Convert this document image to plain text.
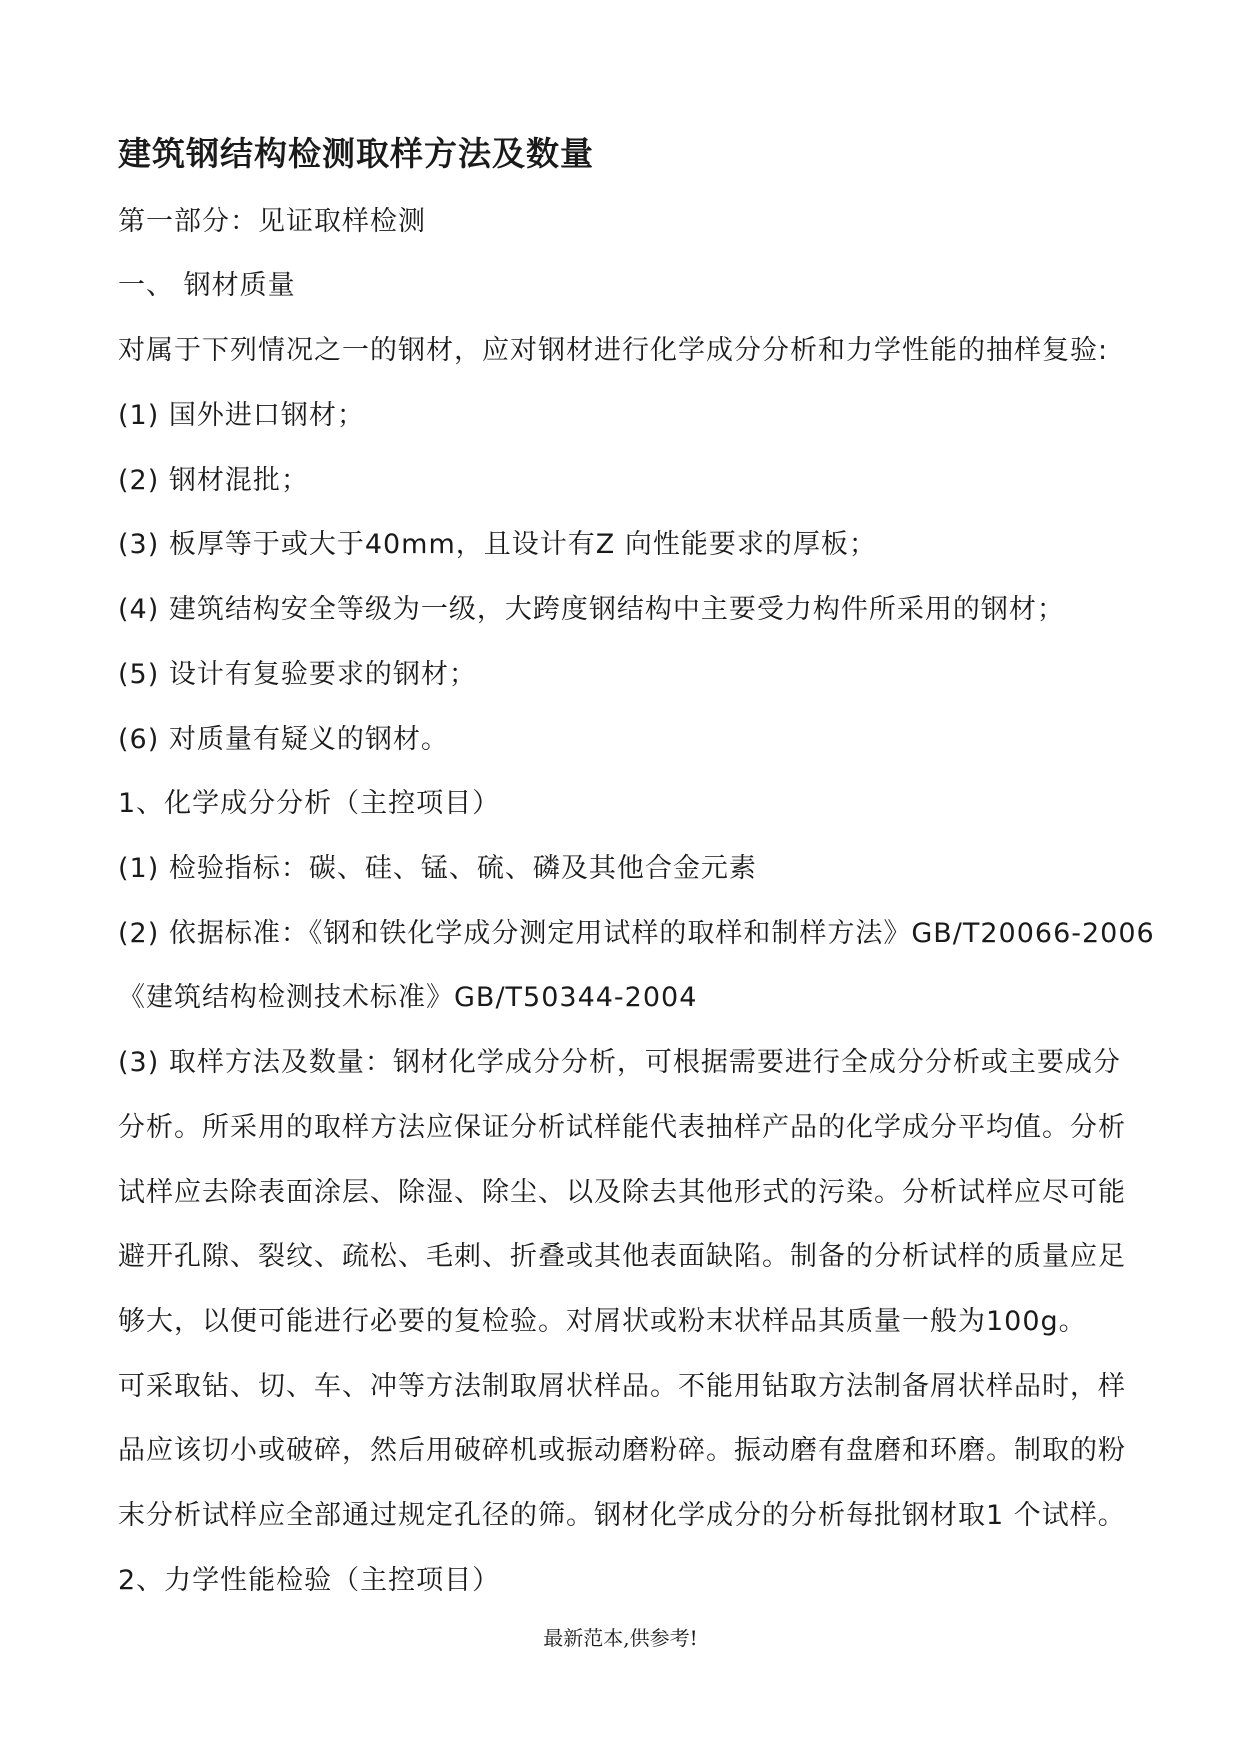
建筑钢结构检测取样方法及数量
第一部分：见证取样检测
一、 钢材质量
对属于下列情况之一的钢材，应对钢材进行化学成分分析和力学性能的抽样复验:
(1) 国外进口钢材；
(2) 钢材混批；
(3) 板厚等于或大于40mm，且设计有Z 向性能要求的厚板；
(4) 建筑结构安全等级为一级，大跨度钢结构中主要受力构件所采用的钢材；
(5) 设计有复验要求的钢材；
(6) 对质量有疑义的钢材。
1、化学成分分析（主控项目）
(1) 检验指标：碳、硅、锰、硫、磷及其他合金元素
(2) 依据标准：《钢和铁化学成分测定用试样的取样和制样方法》GB/T20066-2006
《建筑结构检测技术标准》GB/T50344-2004
(3) 取样方法及数量：钢材化学成分分析，可根据需要进行全成分分析或主要成分
分析。所采用的取样方法应保证分析试样能代表抽样产品的化学成分平均值。分析
试样应去除表面涂层、除湿、除尘、以及除去其他形式的污染。分析试样应尽可能
避开孔隙、裂纹、疏松、毛刺、折叠或其他表面缺陷。制备的分析试样的质量应足
够大，以便可能进行必要的复检验。对屑状或粉末状样品其质量一般为100g。
可采取钻、切、车、冲等方法制取屑状样品。不能用钻取方法制备屑状样品时，样
品应该切小或破碎，然后用破碎机或振动磨粉碎。振动磨有盘磨和环磨。制取的粉
末分析试样应全部通过规定孔径的筛。钢材化学成分的分析每批钢材取1 个试样。
2、力学性能检验（主控项目）
最新范本,供参考!
